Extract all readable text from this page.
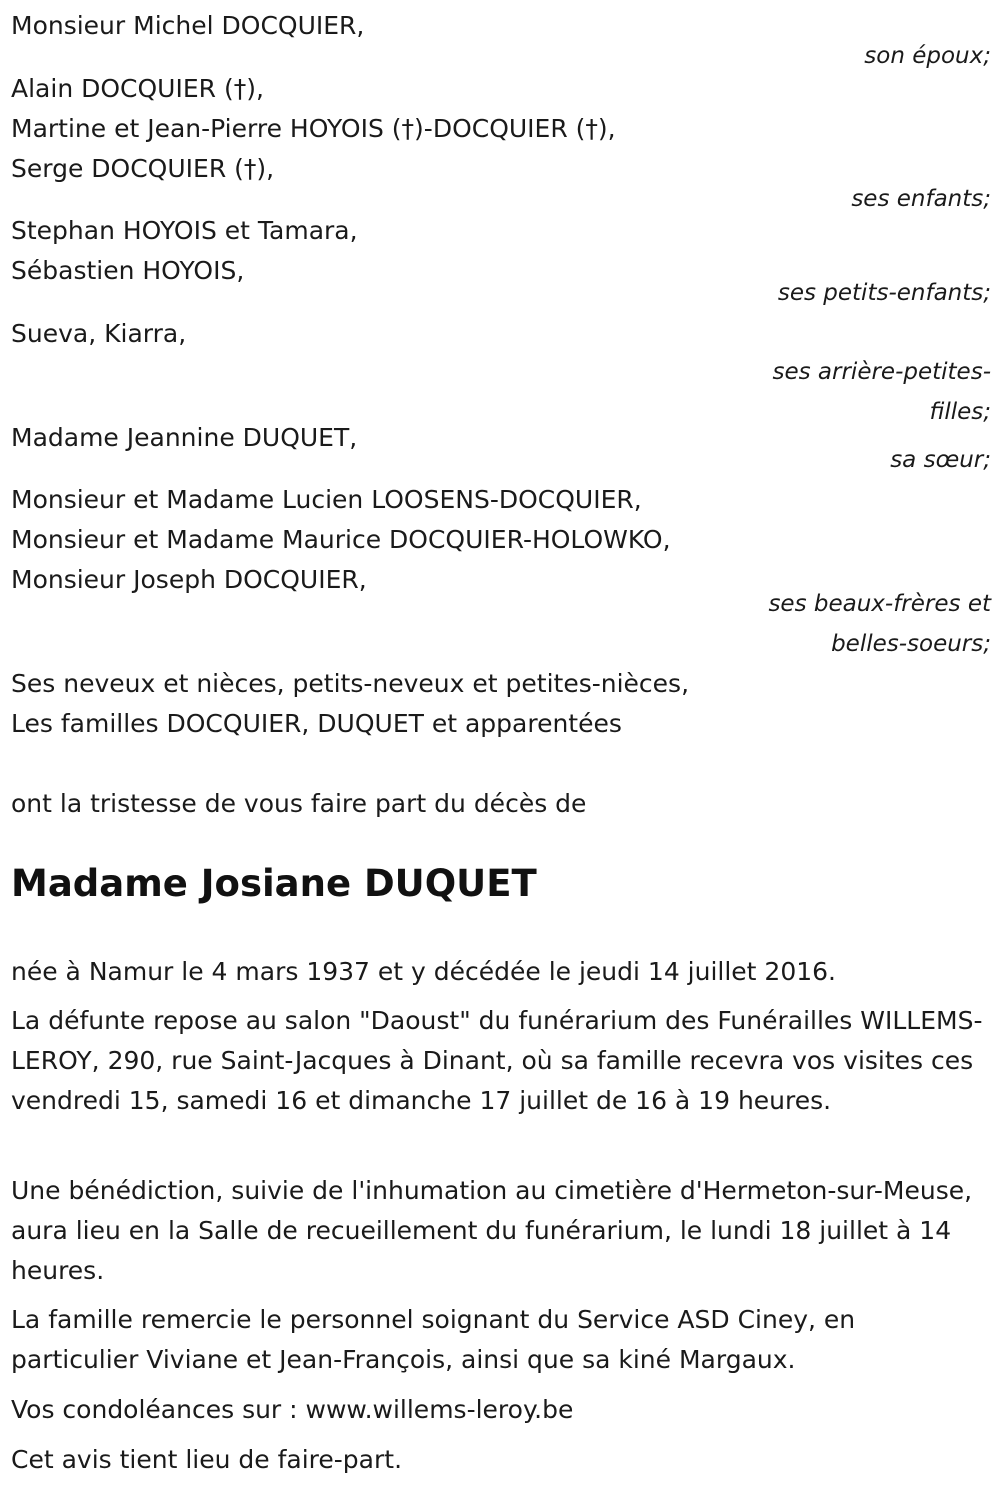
Monsieur Michel DOCQUIER,
son époux;
Alain DOCQUIER (†),
Martine et Jean-Pierre HOYOIS (†)-DOCQUIER (†),
Serge DOCQUIER (†),
ses enfants;
Stephan HOYOIS et Tamara,
Sébastien HOYOIS,
ses petits-enfants;
Sueva, Kiarra,
ses arrière-petites-
filles;
Madame Jeannine DUQUET,
sa sœur;
Monsieur et Madame Lucien LOOSENS-DOCQUIER,
Monsieur et Madame Maurice DOCQUIER-HOLOWKO,
Monsieur Joseph DOCQUIER,
ses beaux-frères et
belles-soeurs;
Ses neveux et nièces, petits-neveux et petites-nièces,
Les familles DOCQUIER, DUQUET et apparentées
ont la tristesse de vous faire part du décès de
Madame Josiane DUQUET
née à Namur le 4 mars 1937 et y décédée le jeudi 14 juillet 2016.
La défunte repose au salon "Daoust" du funérarium des Funérailles WILLEMS-LEROY, 290, rue Saint-Jacques à Dinant, où sa famille recevra vos visites ces vendredi 15, samedi 16 et dimanche 17 juillet de 16 à 19 heures.
Une bénédiction, suivie de l'inhumation au cimetière d'Hermeton-sur-Meuse, aura lieu en la Salle de recueillement du funérarium, le lundi 18 juillet à 14 heures.
La famille remercie le personnel soignant du Service ASD Ciney, en particulier Viviane et Jean-François, ainsi que sa kiné Margaux.
Vos condoléances sur : www.willems-leroy.be
Cet avis tient lieu de faire-part.
